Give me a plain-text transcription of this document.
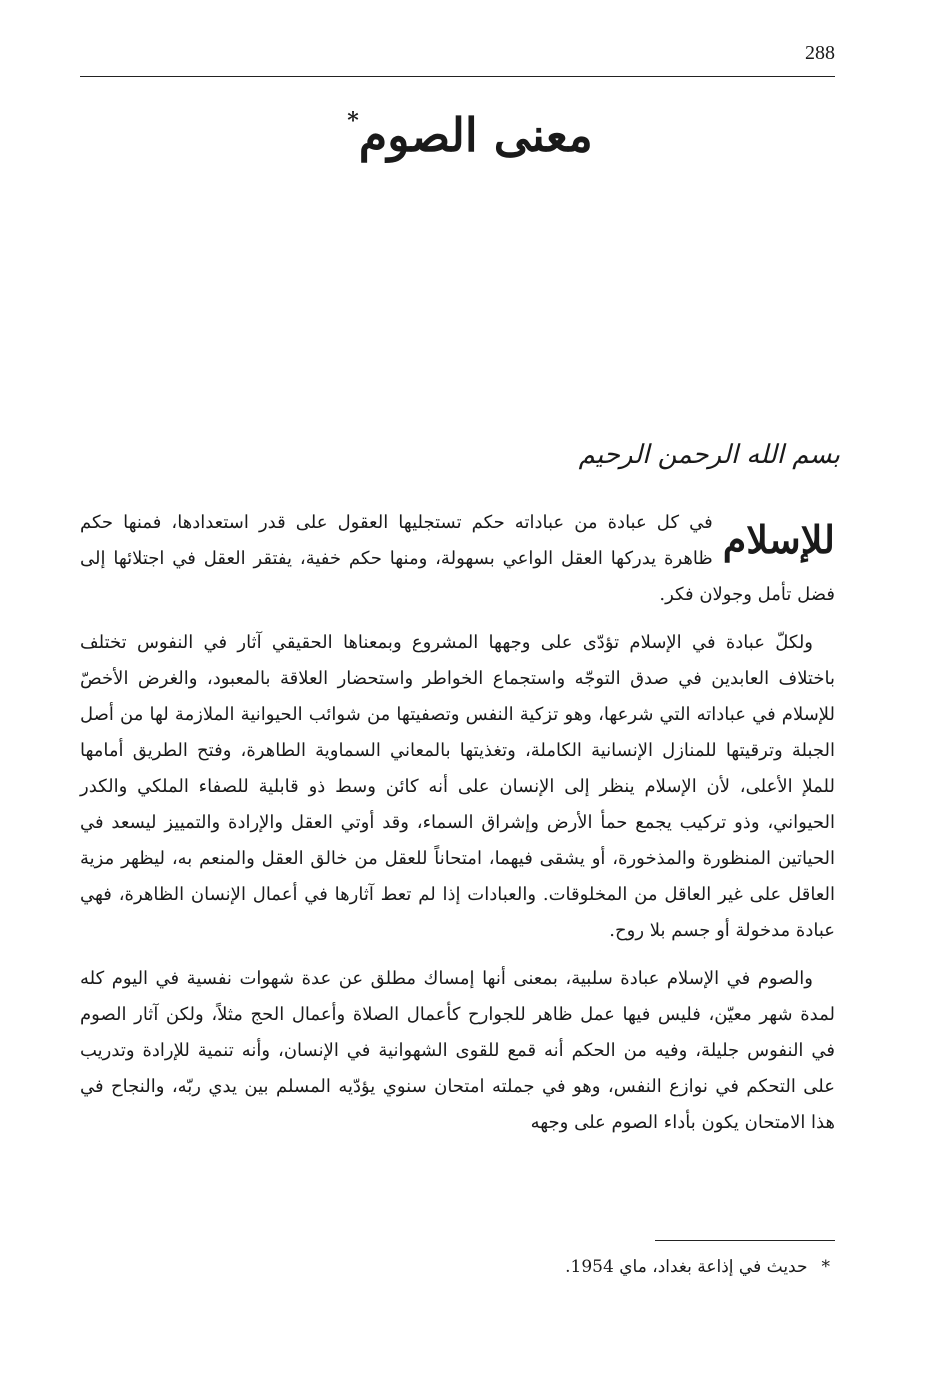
288
معنى الصوم*
بسم الله الرحمن الرحيم

للإسلام
في كل عبادة من عباداته حكم تستجليها العقول على قدر استعدادها، فمنها حكم ظاهرة يدركها العقل الواعي بسهولة، ومنها حكم خفية، يفتقر العقل في اجتلائها إلى فضل تأمل وجولان فكر.

ولكلّ عبادة في الإسلام تؤدّى على وجهها المشروع وبمعناها الحقيقي آثار في النفوس تختلف باختلاف العابدين في صدق التوجّه واستجماع الخواطر واستحضار العلاقة بالمعبود، والغرض الأخصّ للإسلام في عباداته التي شرعها، وهو تزكية النفس وتصفيتها من شوائب الحيوانية الملازمة لها من أصل الجبلة وترقيتها للمنازل الإنسانية الكاملة، وتغذيتها بالمعاني السماوية الطاهرة، وفتح الطريق أمامها للملإ الأعلى، لأن الإسلام ينظر إلى الإنسان على أنه كائن وسط ذو قابلية للصفاء الملكي والكدر الحيواني، وذو تركيب يجمع حمأ الأرض وإشراق السماء، وقد أوتي العقل والإرادة والتمييز ليسعد في الحياتين المنظورة والمذخورة، أو يشقى فيهما، امتحاناً للعقل من خالق العقل والمنعم به، ليظهر مزية العاقل على غير العاقل من المخلوقات. والعبادات إذا لم تعط آثارها في أعمال الإنسان الظاهرة، فهي عبادة مدخولة أو جسم بلا روح.

والصوم في الإسلام عبادة سلبية، بمعنى أنها إمساك مطلق عن عدة شهوات نفسية في اليوم كله لمدة شهر معيّن، فليس فيها عمل ظاهر للجوارح كأعمال الصلاة وأعمال الحج مثلاً، ولكن آثار الصوم في النفوس جليلة، وفيه من الحكم أنه قمع للقوى الشهوانية في الإنسان، وأنه تنمية للإرادة وتدريب على التحكم في نوازع النفس، وهو في جملته امتحان سنوي يؤدّيه المسلم بين يدي ربّه، والنجاح في هذا الامتحان يكون بأداء الصوم على وجهه

*حديث في إذاعة بغداد، ماي 1954.
